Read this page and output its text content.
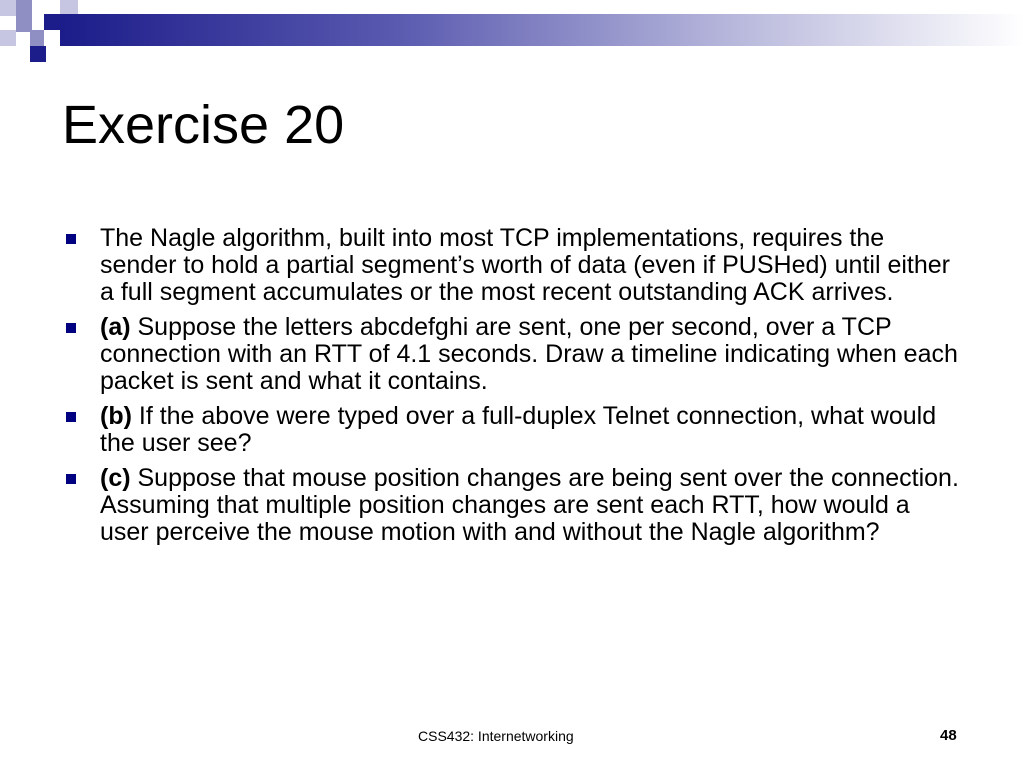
Exercise 20
The Nagle algorithm, built into most TCP implementations, requires the sender to hold a partial segment’s worth of data (even if PUSHed) until either a full segment accumulates or the most recent outstanding ACK arrives.
(a) Suppose the letters abcdefghi are sent, one per second, over a TCP connection with an RTT of 4.1 seconds. Draw a timeline indicating when each packet is sent and what it contains.
(b) If the above were typed over a full-duplex Telnet connection, what would the user see?
(c) Suppose that mouse position changes are being sent over the connection. Assuming that multiple position changes are sent each RTT, how would a user perceive the mouse motion with and without the Nagle algorithm?
CSS432: Internetworking	48
